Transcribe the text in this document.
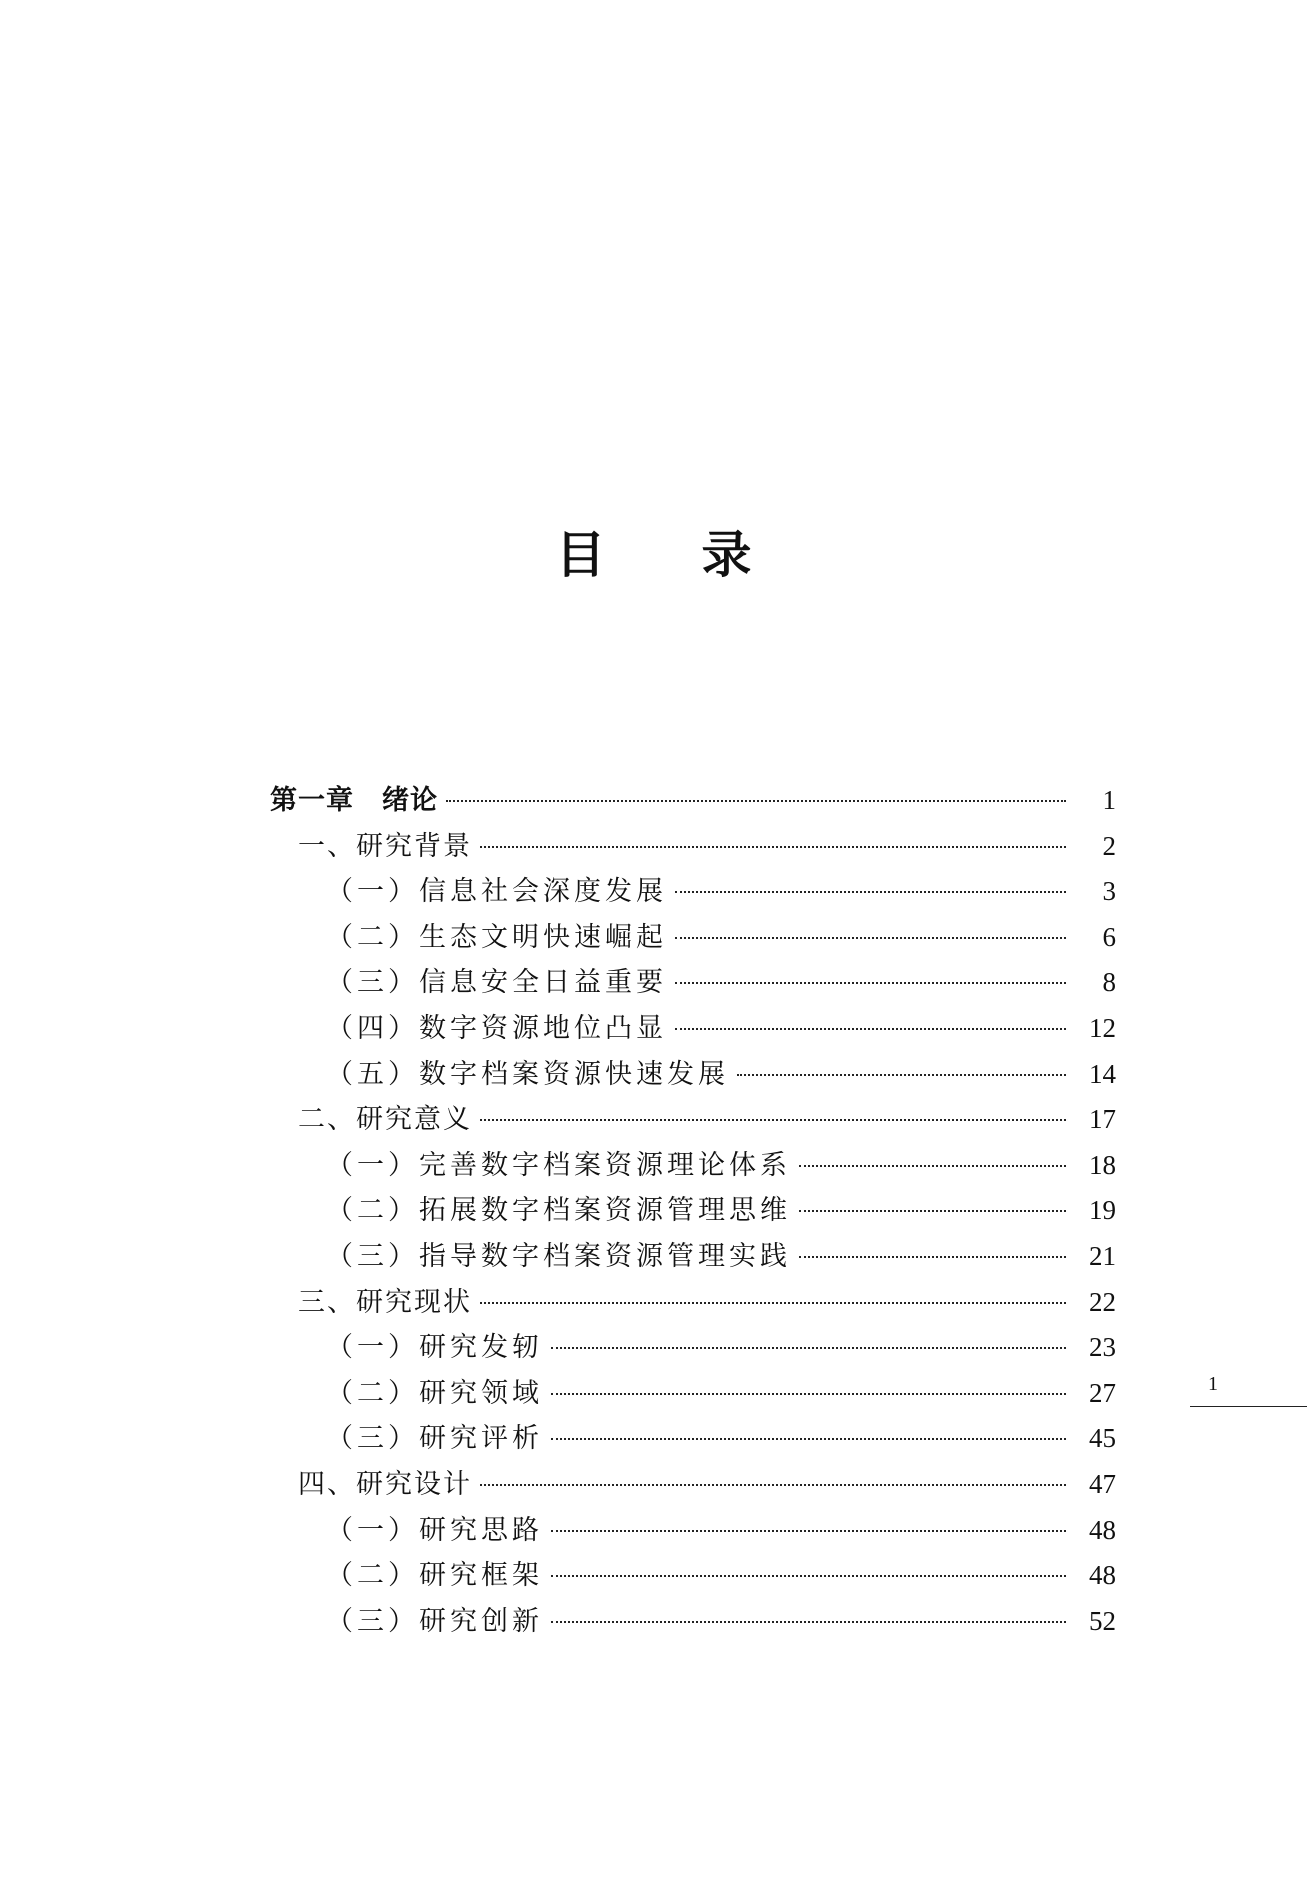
目 录
第一章　绪论	1
一、研究背景	2
（一）信息社会深度发展	3
（二）生态文明快速崛起	6
（三）信息安全日益重要	8
（四）数字资源地位凸显	12
（五）数字档案资源快速发展	14
二、研究意义	17
（一）完善数字档案资源理论体系	18
（二）拓展数字档案资源管理思维	19
（三）指导数字档案资源管理实践	21
三、研究现状	22
（一）研究发轫	23
（二）研究领域	27
（三）研究评析	45
四、研究设计	47
（一）研究思路	48
（二）研究框架	48
（三）研究创新	52
1
